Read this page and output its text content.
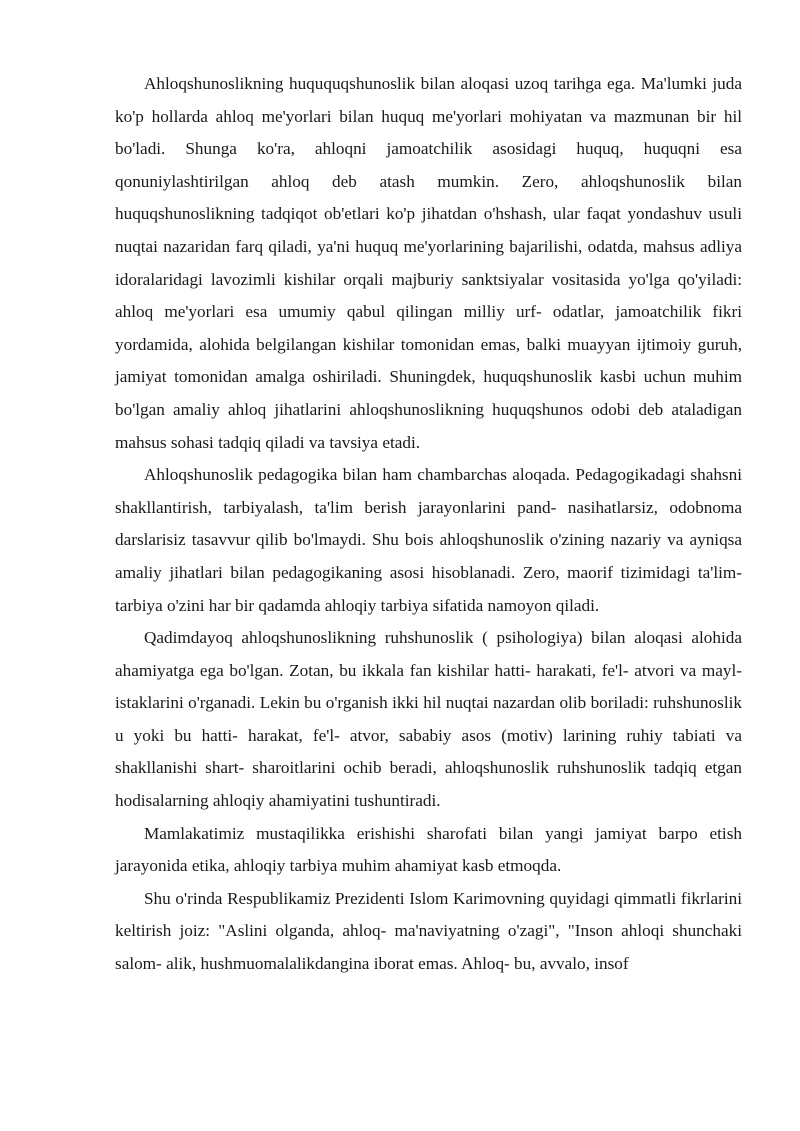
Ahloqshunoslikning huququqshunoslik bilan aloqasi uzoq tarihga ega. Ma'lumki juda ko'p hollarda ahloq me'yorlari bilan huquq me'yorlari mohiyatan va mazmunan bir hil bo'ladi. Shunga ko'ra, ahloqni jamoatchilik asosidagi huquq, huquqni esa qonuniylashtirilgan ahloq deb atash mumkin. Zero, ahloqshunoslik bilan huquqshunoslikning tadqiqot ob'etlari ko'p jihatdan o'hshash, ular faqat yondashuv usuli nuqtai nazaridan farq qiladi, ya'ni huquq me'yorlarining bajarilishi, odatda, mahsus adliya idoralaridagi lavozimli kishilar orqali majburiy sanktsiyalar vositasida yo'lga qo'yiladi: ahloq me'yorlari esa umumiy qabul qilingan milliy urf- odatlar, jamoatchilik fikri yordamida, alohida belgilangan kishilar tomonidan emas, balki muayyan ijtimoiy guruh, jamiyat tomonidan amalga oshiriladi. Shuningdek, huquqshunoslik kasbi uchun muhim bo'lgan amaliy ahloq jihatlarini ahloqshunoslikning huquqshunos odobi deb ataladigan mahsus sohasi tadqiq qiladi va tavsiya etadi.

Ahloqshunoslik pedagogika bilan ham chambarchas aloqada. Pedagogikadagi shahsni shakllantirish, tarbiyalash, ta'lim berish jarayonlarini pand- nasihatlarsiz, odobnoma darslarisiz tasavvur qilib bo'lmaydi. Shu bois ahloqshunoslik o'zining nazariy va ayniqsa amaliy jihatlari bilan pedagogikaning asosi hisoblanadi. Zero, maorif tizimidagi ta'lim- tarbiya o'zini har bir qadamda ahloqiy tarbiya sifatida namoyon qiladi.

Qadimdayoq ahloqshunoslikning ruhshunoslik ( psihologiya) bilan aloqasi alohida ahamiyatga ega bo'lgan. Zotan, bu ikkala fan kishilar hatti- harakati, fe'l- atvori va mayl- istaklarini o'rganadi. Lekin bu o'rganish ikki hil nuqtai nazardan olib boriladi: ruhshunoslik u yoki bu hatti- harakat, fe'l- atvor, sababiy asos (motiv) larining ruhiy tabiati va shakllanishi shart- sharoitlarini ochib beradi, ahloqshunoslik ruhshunoslik tadqiq etgan hodisalarning ahloqiy ahamiyatini tushuntiradi.

Mamlakatimiz mustaqilikka erishishi sharofati bilan yangi jamiyat barpo etish jarayonida etika, ahloqiy tarbiya muhim ahamiyat kasb etmoqda.

Shu o'rinda Respublikamiz Prezidenti Islom Karimovning quyidagi qimmatli fikrlarini keltirish joiz: "Aslini olganda, ahloq- ma'naviyatning o'zagi", "Inson ahloqi shunchaki salom- alik, hushmuomalalikdangina iborat emas. Ahloq- bu, avvalo, insof
